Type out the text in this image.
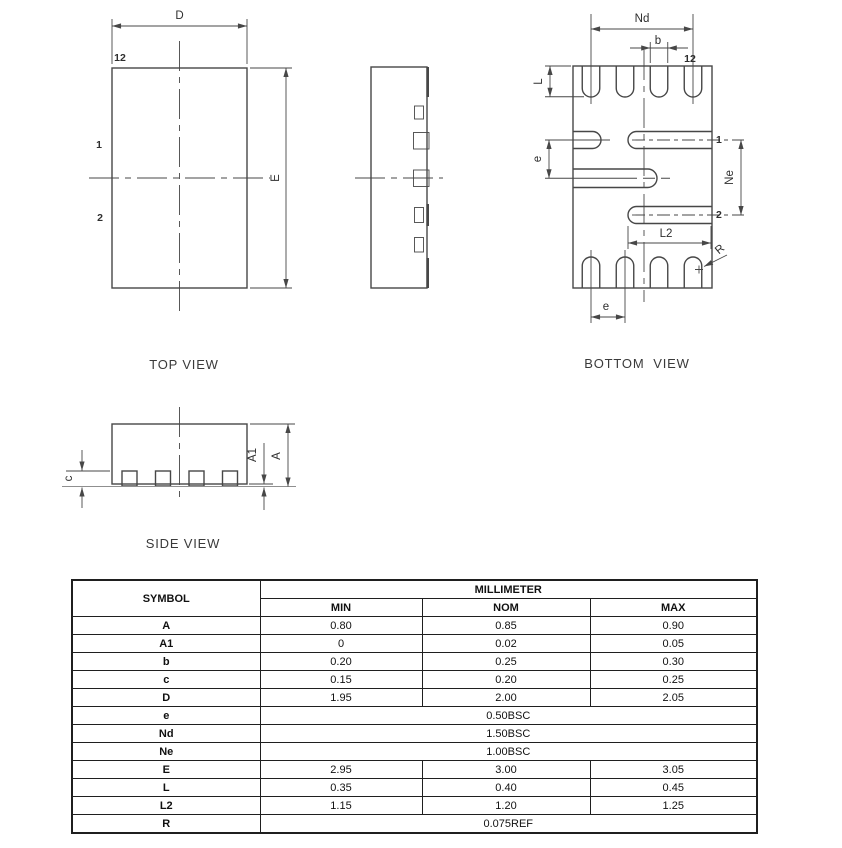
D
E
12
1
2
TOP VIEW
Nd
b
12
L
e
Ne
1
2
L2
R
e
BOTTOM  VIEW
c
A1 A
SIDE VIEW
SYMBOL	MILLIMETER		
	MIN	NOM	MAX
A	0.80	0.85	0.90
A1	0	0.02	0.05
b	0.20	0.25	0.30
c	0.15	0.20	0.25
D	1.95	2.00	2.05
e	0.50BSC		
Nd	1.50BSC		
Ne	1.00BSC		
E	2.95	3.00	3.05
L	0.35	0.40	0.45
L2	1.15	1.20	1.25
R	0.075REF		
